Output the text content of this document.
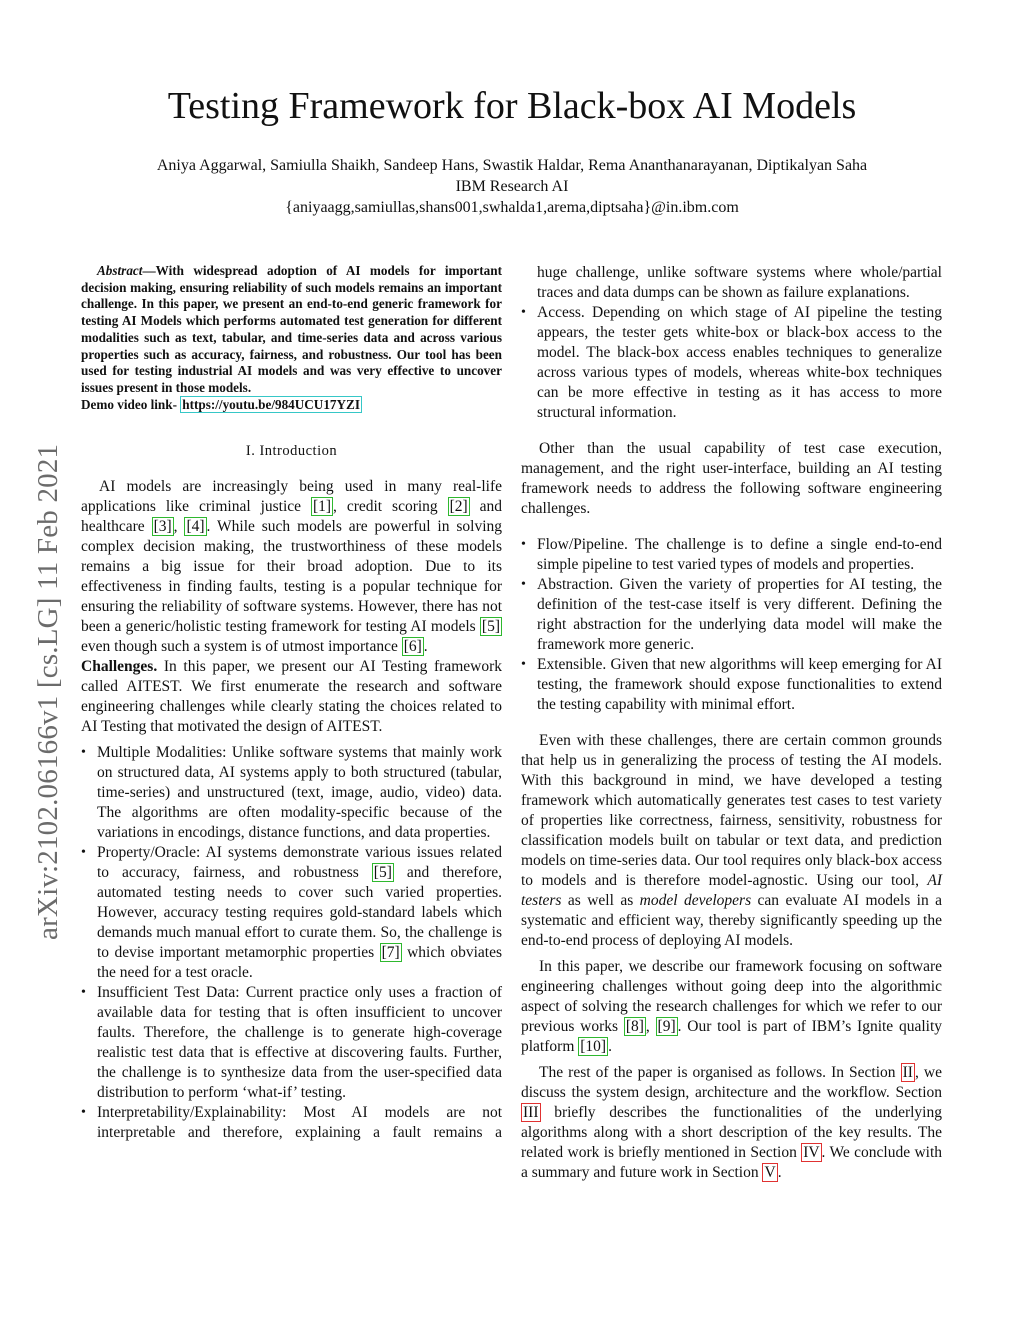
Testing Framework for Black-box AI Models
Aniya Aggarwal, Samiulla Shaikh, Sandeep Hans, Swastik Haldar, Rema Ananthanarayanan, Diptikalyan Saha
IBM Research AI
{aniyaagg,samiullas,shans001,swhalda1,arema,diptsaha}@in.ibm.com
arXiv:2102.06166v1 [cs.LG] 11 Feb 2021

Abstract—With widespread adoption of AI models for important decision making, ensuring reliability of such models remains an important challenge. In this paper, we present an end-to-end generic framework for testing AI Models which performs automated test generation for different modalities such as text, tabular, and time-series data and across various properties such as accuracy, fairness, and robustness. Our tool has been used for testing industrial AI models and was very effective to uncover issues present in those models.

Demo video link- https://youtu.be/984UCU17YZI

I. Introduction

AI models are increasingly being used in many real-life applications like criminal justice [1] , credit scoring [2] and healthcare [3] , [4] . While such models are powerful in solving complex decision making, the trustworthiness of these models remains a big issue for their broad adoption. Due to its effectiveness in finding faults, testing is a popular technique for ensuring the reliability of software systems. However, there has not been a generic/holistic testing framework for testing AI models [5] even though such a system is of utmost importance [6] .

Challenges. In this paper, we present our AI Testing framework called AITEST. We first enumerate the research and software engineering challenges while clearly stating the choices related to AI Testing that motivated the design of AITEST.

• Multiple Modalities: Unlike software systems that mainly work on structured data, AI systems apply to both structured (tabular, time-series) and unstructured (text, image, audio, video) data. The algorithms are often modality-specific because of the variations in encodings, distance functions, and data properties.
• Property/Oracle: AI systems demonstrate various issues related to accuracy, fairness, and robustness [5] and therefore, automated testing needs to cover such varied properties. However, accuracy testing requires gold-standard labels which demands much manual effort to curate them. So, the challenge is to devise important metamorphic properties [7] which obviates the need for a test oracle.
• Insufficient Test Data: Current practice only uses a fraction of available data for testing that is often insufficient to uncover faults. Therefore, the challenge is to generate high-coverage realistic test data that is effective at discovering faults. Further, the challenge is to synthesize data from the user-specified data distribution to perform ‘what-if’ testing.
• Interpretability/Explainability: Most AI models are not interpretable and therefore, explaining a fault remains a
huge challenge, unlike software systems where whole/partial traces and data dumps can be shown as failure explanations.
• Access. Depending on which stage of AI pipeline the testing appears, the tester gets white-box or black-box access to the model. The black-box access enables techniques to generalize across various types of models, whereas white-box techniques can be more effective in testing as it has access to more structural information.

Other than the usual capability of test case execution, management, and the right user-interface, building an AI testing framework needs to address the following software engineering challenges.

• Flow/Pipeline. The challenge is to define a single end-to-end simple pipeline to test varied types of models and properties.
• Abstraction. Given the variety of properties for AI testing, the definition of the test-case itself is very different. Defining the right abstraction for the underlying data model will make the framework more generic.
• Extensible. Given that new algorithms will keep emerging for AI testing, the framework should expose functionalities to extend the testing capability with minimal effort.

Even with these challenges, there are certain common grounds that help us in generalizing the process of testing the AI models. With this background in mind, we have developed a testing framework which automatically generates test cases to test variety of properties like correctness, fairness, sensitivity, robustness for classification models built on tabular or text data, and prediction models on time-series data. Our tool requires only black-box access to models and is therefore model-agnostic. Using our tool, AI testers as well as model developers can evaluate AI models in a systematic and efficient way, thereby significantly speeding up the end-to-end process of deploying AI models.

In this paper, we describe our framework focusing on software engineering challenges without going deep into the algorithmic aspect of solving the research challenges for which we refer to our previous works [8] , [9] . Our tool is part of IBM’s Ignite quality platform [10] .

The rest of the paper is organised as follows. In Section II , we discuss the system design, architecture and the workflow. Section III briefly describes the functionalities of the underlying algorithms along with a short description of the key results. The related work is briefly mentioned in Section IV . We conclude with a summary and future work in Section V .
